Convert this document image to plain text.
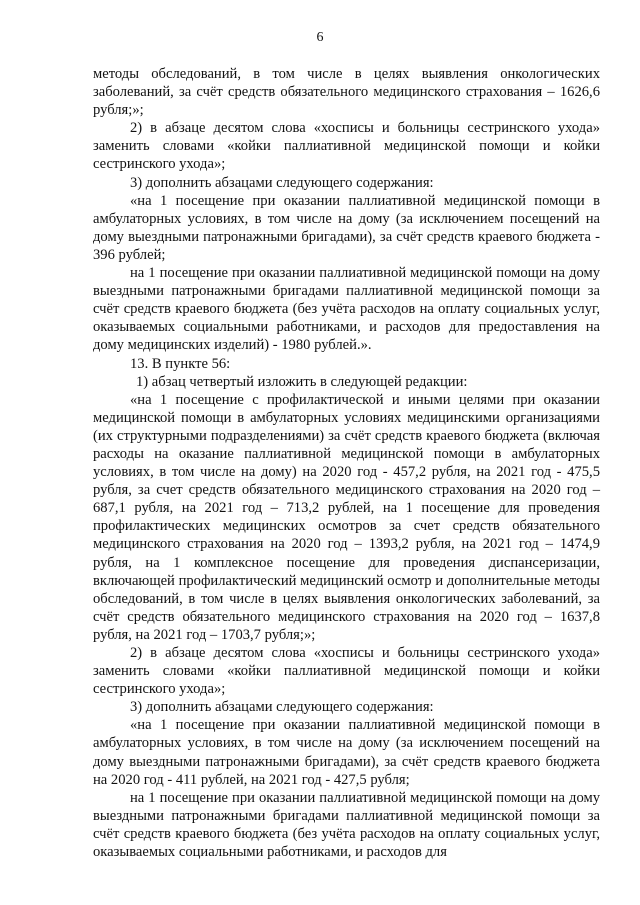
6

методы обследований, в том числе в целях выявления онкологических заболеваний, за счёт средств обязательного медицинского страхования – 1626,6 рубля;»;

2) в абзаце десятом слова «хосписы и больницы сестринского ухода» заменить словами «койки паллиативной медицинской помощи и койки сестринского ухода»;

3) дополнить абзацами следующего содержания:

«на 1 посещение при оказании паллиативной медицинской помощи в амбулаторных условиях, в том числе на дому (за исключением посещений на дому выездными патронажными бригадами), за счёт средств краевого бюджета - 396 рублей;

на 1 посещение при оказании паллиативной медицинской помощи на дому выездными патронажными бригадами паллиативной медицинской помощи за счёт средств краевого бюджета (без учёта расходов на оплату социальных услуг, оказываемых социальными работниками, и расходов для предоставления на дому медицинских изделий) - 1980 рублей.».

13. В пункте 56:

1) абзац четвертый изложить в следующей редакции:

«на 1 посещение с профилактической и иными целями при оказании медицинской помощи в амбулаторных условиях медицинскими организациями (их структурными подразделениями) за счёт средств краевого бюджета (включая расходы на оказание паллиативной медицинской помощи в амбулаторных условиях, в том числе на дому) на 2020 год - 457,2 рубля, на 2021 год - 475,5 рубля, за счет средств обязательного медицинского страхования на 2020 год – 687,1 рубля, на 2021 год – 713,2 рублей, на 1 посещение для проведения профилактических медицинских осмотров за счет средств обязательного медицинского страхования на 2020 год – 1393,2 рубля, на 2021 год – 1474,9 рубля, на 1 комплексное посещение для проведения диспансеризации, включающей профилактический медицинский осмотр и дополнительные методы обследований, в том числе в целях выявления онкологических заболеваний, за счёт средств обязательного медицинского страхования на 2020 год – 1637,8 рубля, на 2021 год – 1703,7 рубля;»;

2) в абзаце десятом слова «хосписы и больницы сестринского ухода» заменить словами «койки паллиативной медицинской помощи и койки сестринского ухода»;

3) дополнить абзацами следующего содержания:

«на 1 посещение при оказании паллиативной медицинской помощи в амбулаторных условиях, в том числе на дому (за исключением посещений на дому выездными патронажными бригадами), за счёт средств краевого бюджета на 2020 год - 411 рублей, на 2021 год - 427,5 рубля;

на 1 посещение при оказании паллиативной медицинской помощи на дому выездными патронажными бригадами паллиативной медицинской помощи за счёт средств краевого бюджета (без учёта расходов на оплату социальных услуг, оказываемых социальными работниками, и расходов для
